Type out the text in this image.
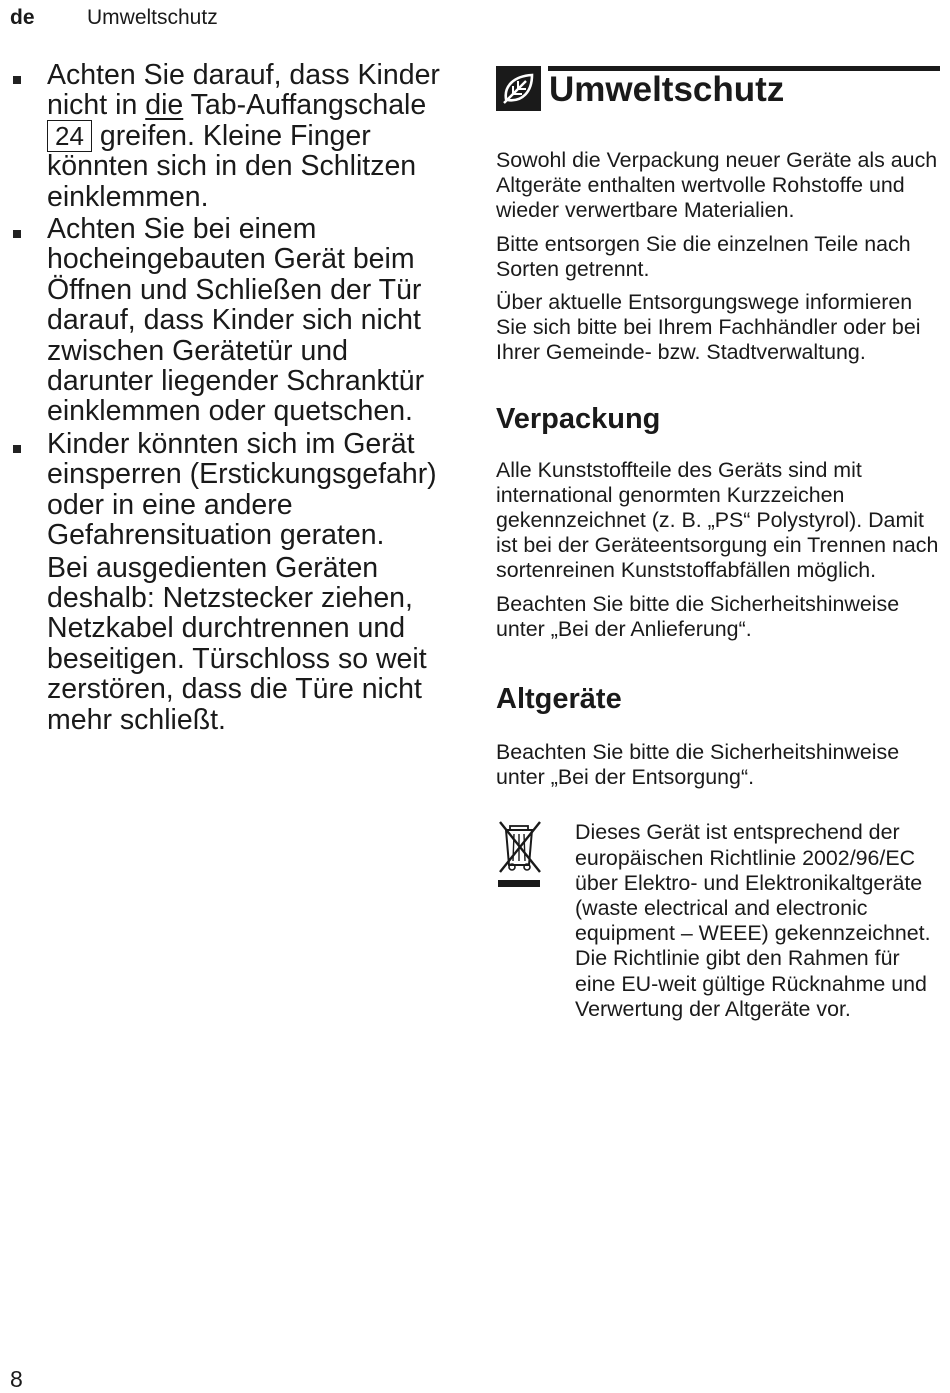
de Umweltschutz
Achten Sie darauf, dass Kinder nicht in die Tab-Auffangschale 24 greifen. Kleine Finger könnten sich in den Schlitzen einklemmen.
Achten Sie bei einem hocheingebauten Gerät beim Öffnen und Schließen der Tür darauf, dass Kinder sich nicht zwischen Gerätetür und darunter liegender Schranktür einklemmen oder quetschen.
Kinder könnten sich im Gerät einsperren (Erstickungsgefahr) oder in eine andere Gefahrensituation geraten.

Bei ausgedienten Geräten deshalb: Netzstecker ziehen, Netzkabel durchtrennen und beseitigen. Türschloss so weit zerstören, dass die Türe nicht mehr schließt.

Umweltschutz

Sowohl die Verpackung neuer Geräte als auch Altgeräte enthalten wertvolle Rohstoffe und wieder verwertbare Materialien.

Bitte entsorgen Sie die einzelnen Teile nach Sorten getrennt.

Über aktuelle Entsorgungswege informieren Sie sich bitte bei Ihrem Fachhändler oder bei Ihrer Gemeinde- bzw. Stadtverwaltung.

Verpackung

Alle Kunststoffteile des Geräts sind mit international genormten Kurzzeichen gekennzeichnet (z. B. „PS“ Polystyrol). Damit ist bei der Geräteentsorgung ein Trennen nach sortenreinen Kunststoffabfällen möglich.

Beachten Sie bitte die Sicherheitshinweise unter „Bei der Anlieferung“.

Altgeräte

Beachten Sie bitte die Sicherheitshinweise unter „Bei der Entsorgung“.

Dieses Gerät ist entsprechend der europäischen Richtlinie 2002/96/EC über Elektro- und Elektronikaltgeräte (waste electrical and electronic equipment – WEEE) gekennzeichnet. Die Richtlinie gibt den Rahmen für eine EU-weit gültige Rücknahme und Verwertung der Altgeräte vor.
8
